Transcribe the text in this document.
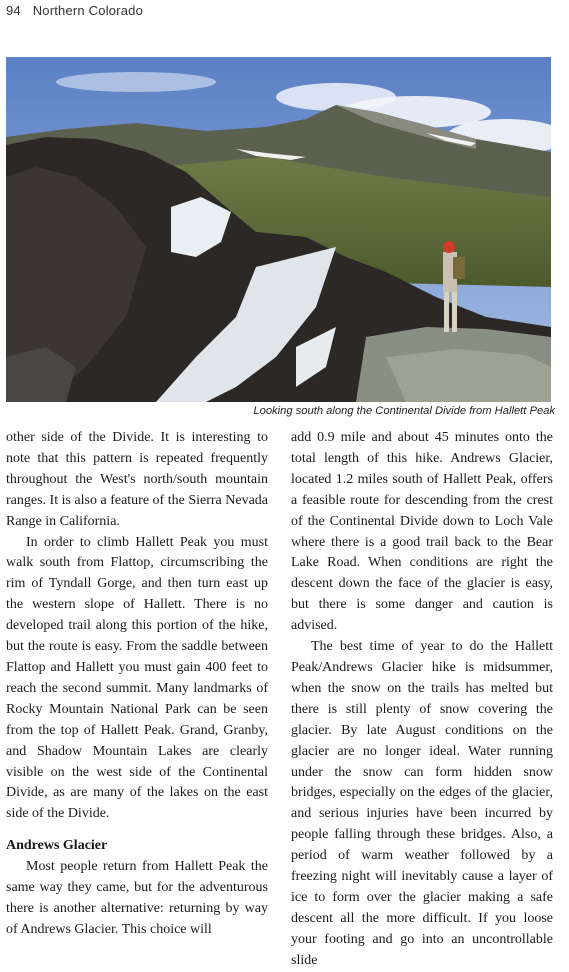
94 Northern Colorado
Looking south along the Continental Divide from Hallett Peak

other side of the Divide. It is interesting to note that this pattern is repeated frequently throughout the West's north/south mountain ranges. It is also a feature of the Sierra Nevada Range in California.

In order to climb Hallett Peak you must walk south from Flattop, circumscribing the rim of Tyndall Gorge, and then turn east up the western slope of Hallett. There is no developed trail along this portion of the hike, but the route is easy. From the saddle between Flattop and Hallett you must gain 400 feet to reach the second summit. Many landmarks of Rocky Mountain National Park can be seen from the top of Hallett Peak. Grand, Granby, and Shadow Mountain Lakes are clearly visible on the west side of the Continental Divide, as are many of the lakes on the east side of the Divide.

Andrews Glacier

Most people return from Hallett Peak the same way they came, but for the adventurous there is another alternative: returning by way of Andrews Glacier. This choice will

add 0.9 mile and about 45 minutes onto the total length of this hike. Andrews Glacier, located 1.2 miles south of Hallett Peak, offers a feasible route for descending from the crest of the Continental Divide down to Loch Vale where there is a good trail back to the Bear Lake Road. When conditions are right the descent down the face of the glacier is easy, but there is some danger and caution is advised.

The best time of year to do the Hallett Peak/Andrews Glacier hike is midsummer, when the snow on the trails has melted but there is still plenty of snow covering the glacier. By late August conditions on the glacier are no longer ideal. Water running under the snow can form hidden snow bridges, especially on the edges of the glacier, and serious injuries have been incurred by people falling through these bridges. Also, a period of warm weather followed by a freezing night will inevitably cause a layer of ice to form over the glacier making a safe descent all the more difficult. If you loose your footing and go into an uncontrollable slide
